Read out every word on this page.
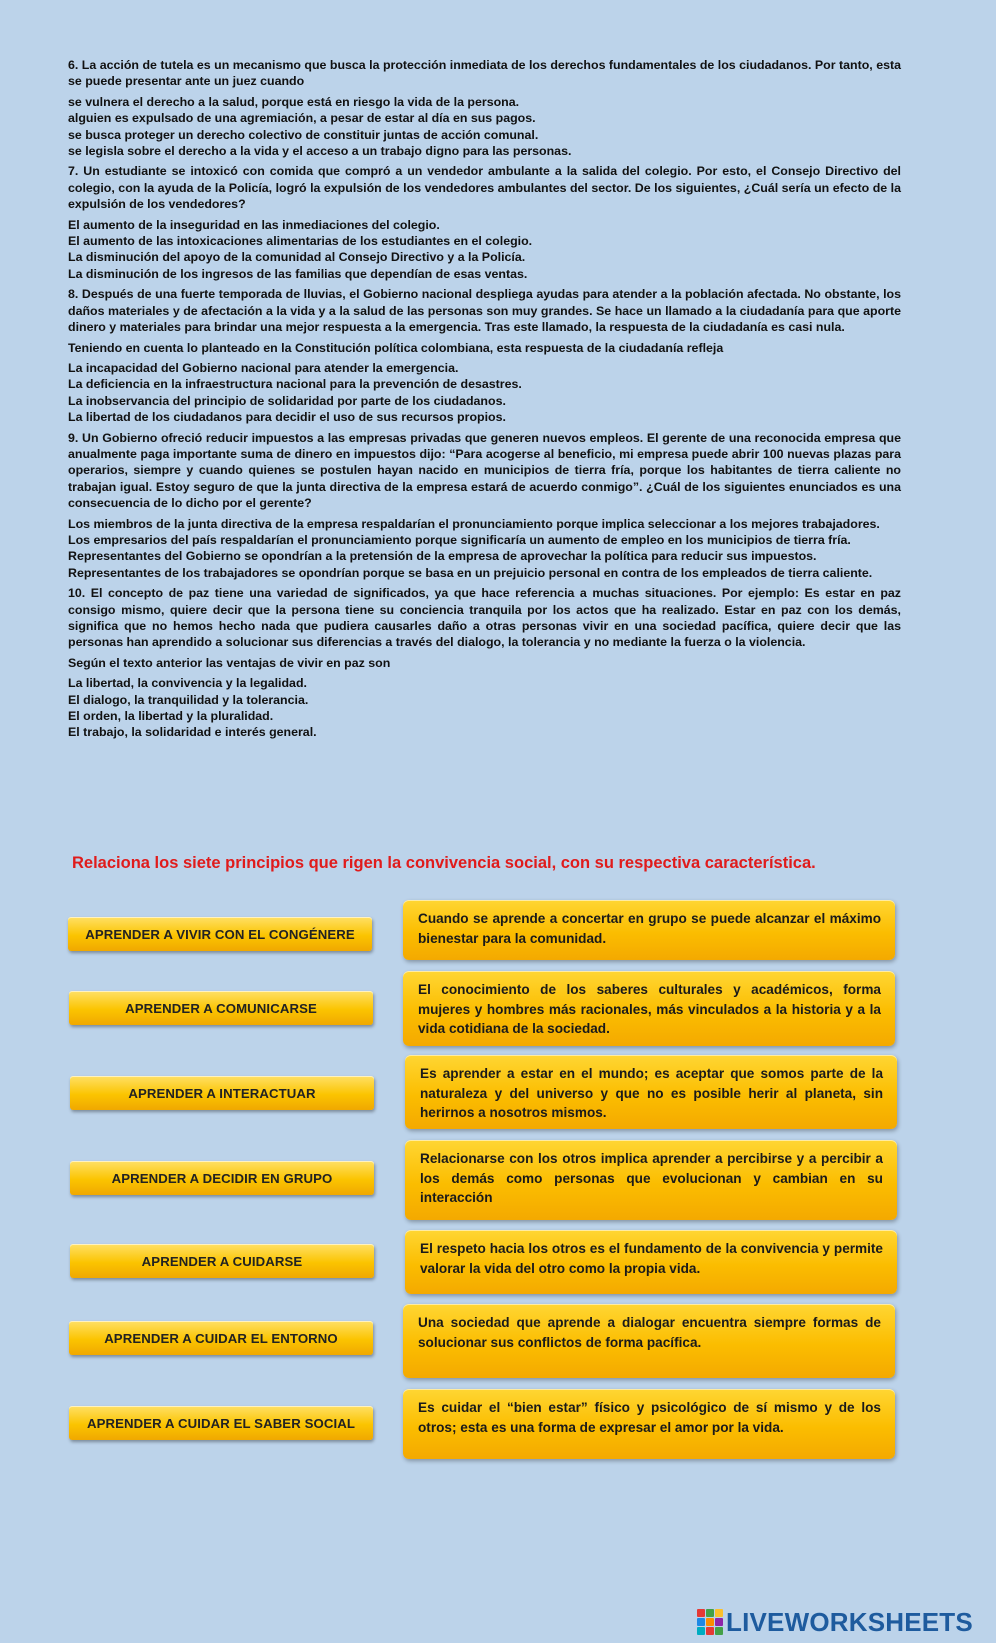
6. La acción de tutela es un mecanismo que busca la protección inmediata de los derechos fundamentales de los ciudadanos. Por tanto, esta se puede presentar ante un juez cuando

se vulnera el derecho a la salud, porque está en riesgo la vida de la persona.

alguien es expulsado de una agremiación, a pesar de estar al día en sus pagos.

se busca proteger un derecho colectivo de constituir juntas de acción comunal.

se legisla sobre el derecho a la vida y el acceso a un trabajo digno para las personas.

7. Un estudiante se intoxicó con comida que compró a un vendedor ambulante a la salida del colegio. Por esto, el Consejo Directivo del colegio, con la ayuda de la Policía, logró la expulsión de los vendedores ambulantes del sector. De los siguientes, ¿Cuál sería un efecto de la expulsión de los vendedores?

El aumento de la inseguridad en las inmediaciones del colegio.

El aumento de las intoxicaciones alimentarias de los estudiantes en el colegio.

La disminución del apoyo de la comunidad al Consejo Directivo y a la Policía.

La disminución de los ingresos de las familias que dependían de esas ventas.

8. Después de una fuerte temporada de lluvias, el Gobierno nacional despliega ayudas para atender a la población afectada. No obstante, los daños materiales y de afectación a la vida y a la salud de las personas son muy grandes. Se hace un llamado a la ciudadanía para que aporte dinero y materiales para brindar una mejor respuesta a la emergencia. Tras este llamado, la respuesta de la ciudadanía es casi nula.

Teniendo en cuenta lo planteado en la Constitución política colombiana, esta respuesta de la ciudadanía refleja

La incapacidad del Gobierno nacional para atender la emergencia.

La deficiencia en la infraestructura nacional para la prevención de desastres.

La inobservancia del principio de solidaridad por parte de los ciudadanos.

La libertad de los ciudadanos para decidir el uso de sus recursos propios.

9. Un Gobierno ofreció reducir impuestos a las empresas privadas que generen nuevos empleos. El gerente de una reconocida empresa que anualmente paga importante suma de dinero en impuestos dijo: “Para acogerse al beneficio, mi empresa puede abrir 100 nuevas plazas para operarios, siempre y cuando quienes se postulen hayan nacido en municipios de tierra fría, porque los habitantes de tierra caliente no trabajan igual. Estoy seguro de que la junta directiva de la empresa estará de acuerdo conmigo”. ¿Cuál de los siguientes enunciados es una consecuencia de lo dicho por el gerente?

Los miembros de la junta directiva de la empresa respaldarían el pronunciamiento porque implica seleccionar a los mejores trabajadores.

Los empresarios del país respaldarían el pronunciamiento porque significaría un aumento de empleo en los municipios de tierra fría.

Representantes del Gobierno se opondrían a la pretensión de la empresa de aprovechar la política para reducir sus impuestos.

Representantes de los trabajadores se opondrían porque se basa en un prejuicio personal en contra de los empleados de tierra caliente.

10. El concepto de paz tiene una variedad de significados, ya que hace referencia a muchas situaciones. Por ejemplo: Es estar en paz consigo mismo, quiere decir que la persona tiene su conciencia tranquila por los actos que ha realizado. Estar en paz con los demás, significa que no hemos hecho nada que pudiera causarles daño a otras personas vivir en una sociedad pacífica, quiere decir que las personas han aprendido a solucionar sus diferencias a través del dialogo, la tolerancia y no mediante la fuerza o la violencia.

Según el texto anterior las ventajas de vivir en paz son

La libertad, la convivencia y la legalidad.

El dialogo, la tranquilidad y la tolerancia.

El orden, la libertad y la pluralidad.

El trabajo, la solidaridad e interés general.

Relaciona los siete principios que rigen la convivencia social, con su respectiva característica.
APRENDER A VIVIR CON EL CONGÉNERE
APRENDER A COMUNICARSE
APRENDER A INTERACTUAR
APRENDER A DECIDIR EN GRUPO
APRENDER A CUIDARSE
APRENDER A CUIDAR EL ENTORNO
APRENDER A CUIDAR EL SABER SOCIAL
Cuando se aprende a concertar en grupo se puede alcanzar el máximo bienestar para la comunidad.
El conocimiento de los saberes culturales y académicos, forma mujeres y hombres más racionales, más vinculados a la historia y a la vida cotidiana de la sociedad.
Es aprender a estar en el mundo; es aceptar que somos parte de la naturaleza y del universo y que no es posible herir al planeta, sin herirnos a nosotros mismos.
Relacionarse con los otros implica aprender a percibirse y a percibir a los demás como personas que evolucionan y cambian en su interacción
El respeto hacia los otros es el fundamento de la convivencia y permite valorar la vida del otro como la propia vida.
Una sociedad que aprende a dialogar encuentra siempre formas de solucionar sus conflictos de forma pacífica.
Es cuidar el “bien estar” físico y psicológico de sí mismo y de los otros; esta es una forma de expresar el amor por la vida.
LIVEWORKSHEETS
